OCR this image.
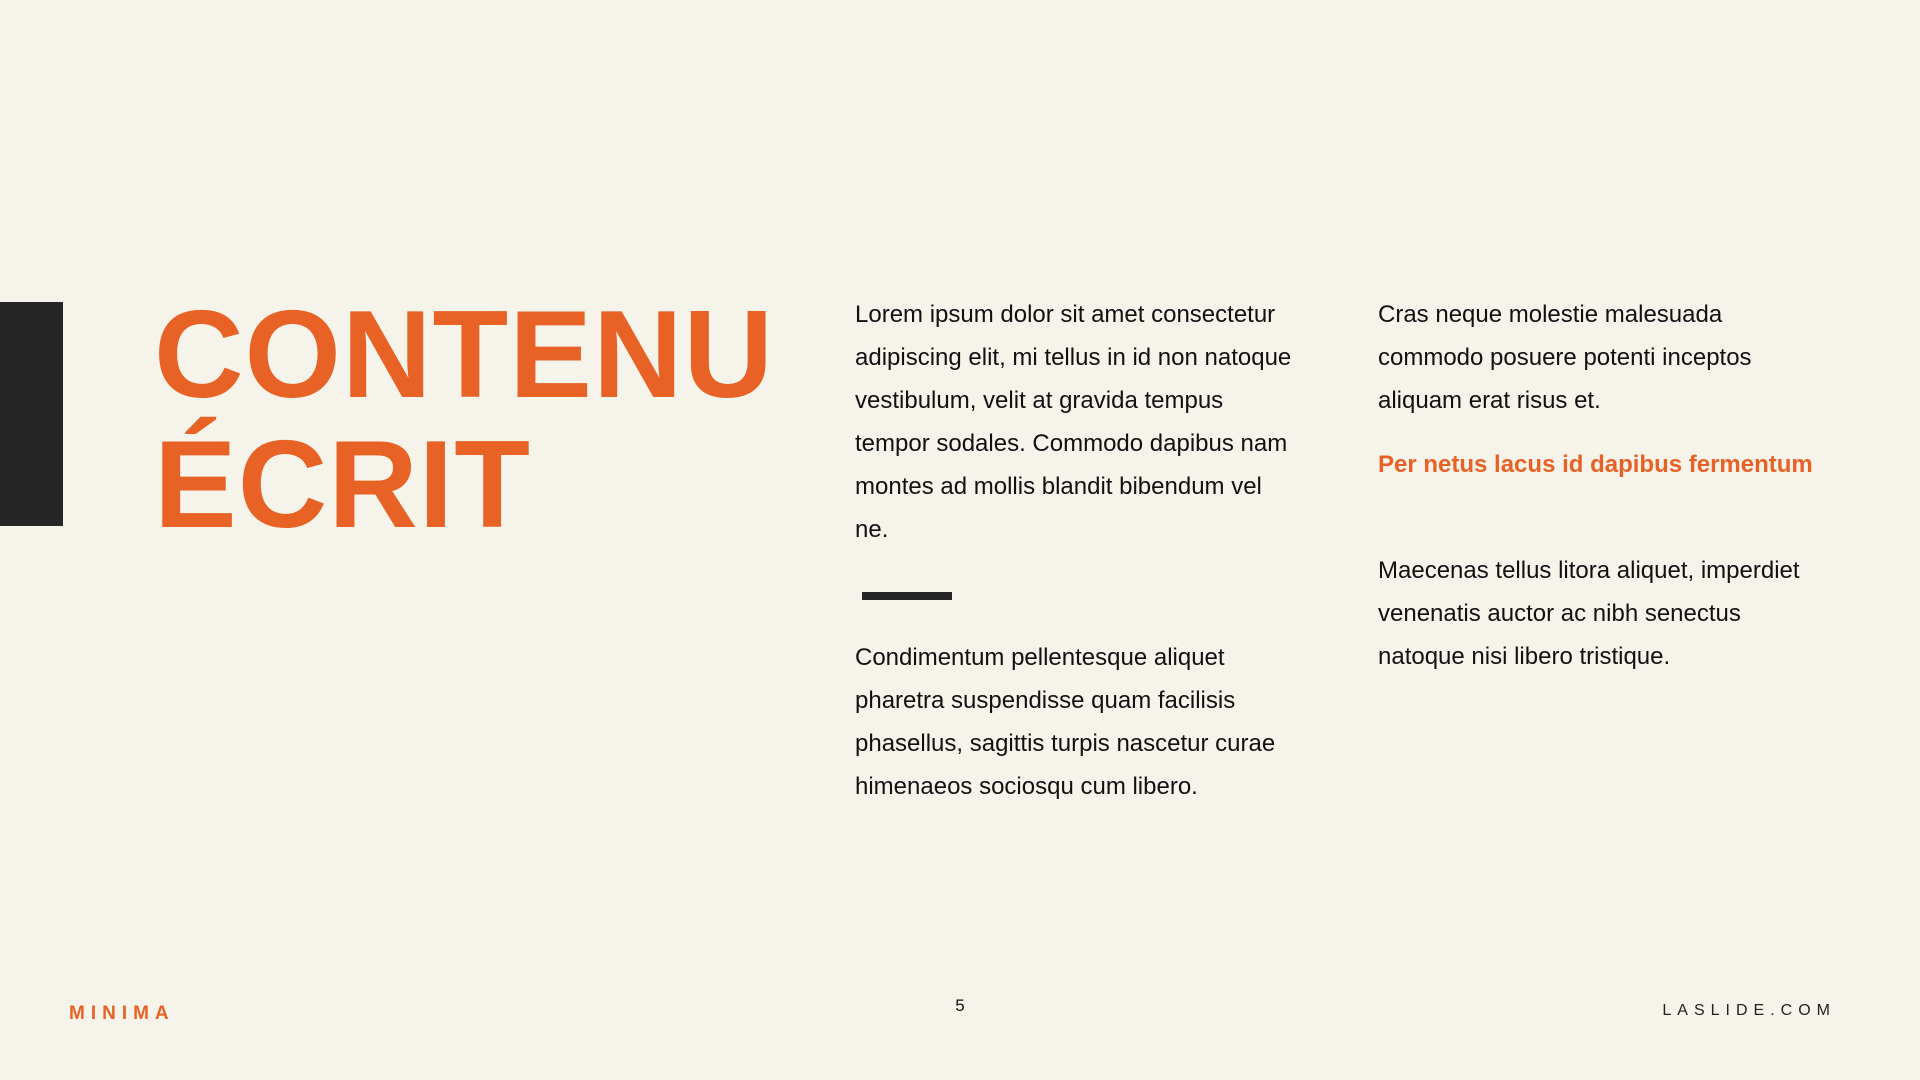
CONTENU
ÉCRIT

Lorem ipsum dolor sit amet consectetur adipiscing elit, mi tellus in id non natoque vestibulum, velit at gravida tempus tempor sodales. Commodo dapibus nam montes ad mollis blandit bibendum vel ne.

Condimentum pellentesque aliquet pharetra suspendisse quam facilisis phasellus, sagittis turpis nascetur curae himenaeos sociosqu cum libero.

Cras neque molestie malesuada commodo posuere potenti inceptos aliquam erat risus et.

Per netus lacus id dapibus fermentum

Maecenas tellus litora aliquet, imperdiet venenatis auctor ac nibh senectus natoque nisi libero tristique.

MINIMA	5	LASLIDE.COM
